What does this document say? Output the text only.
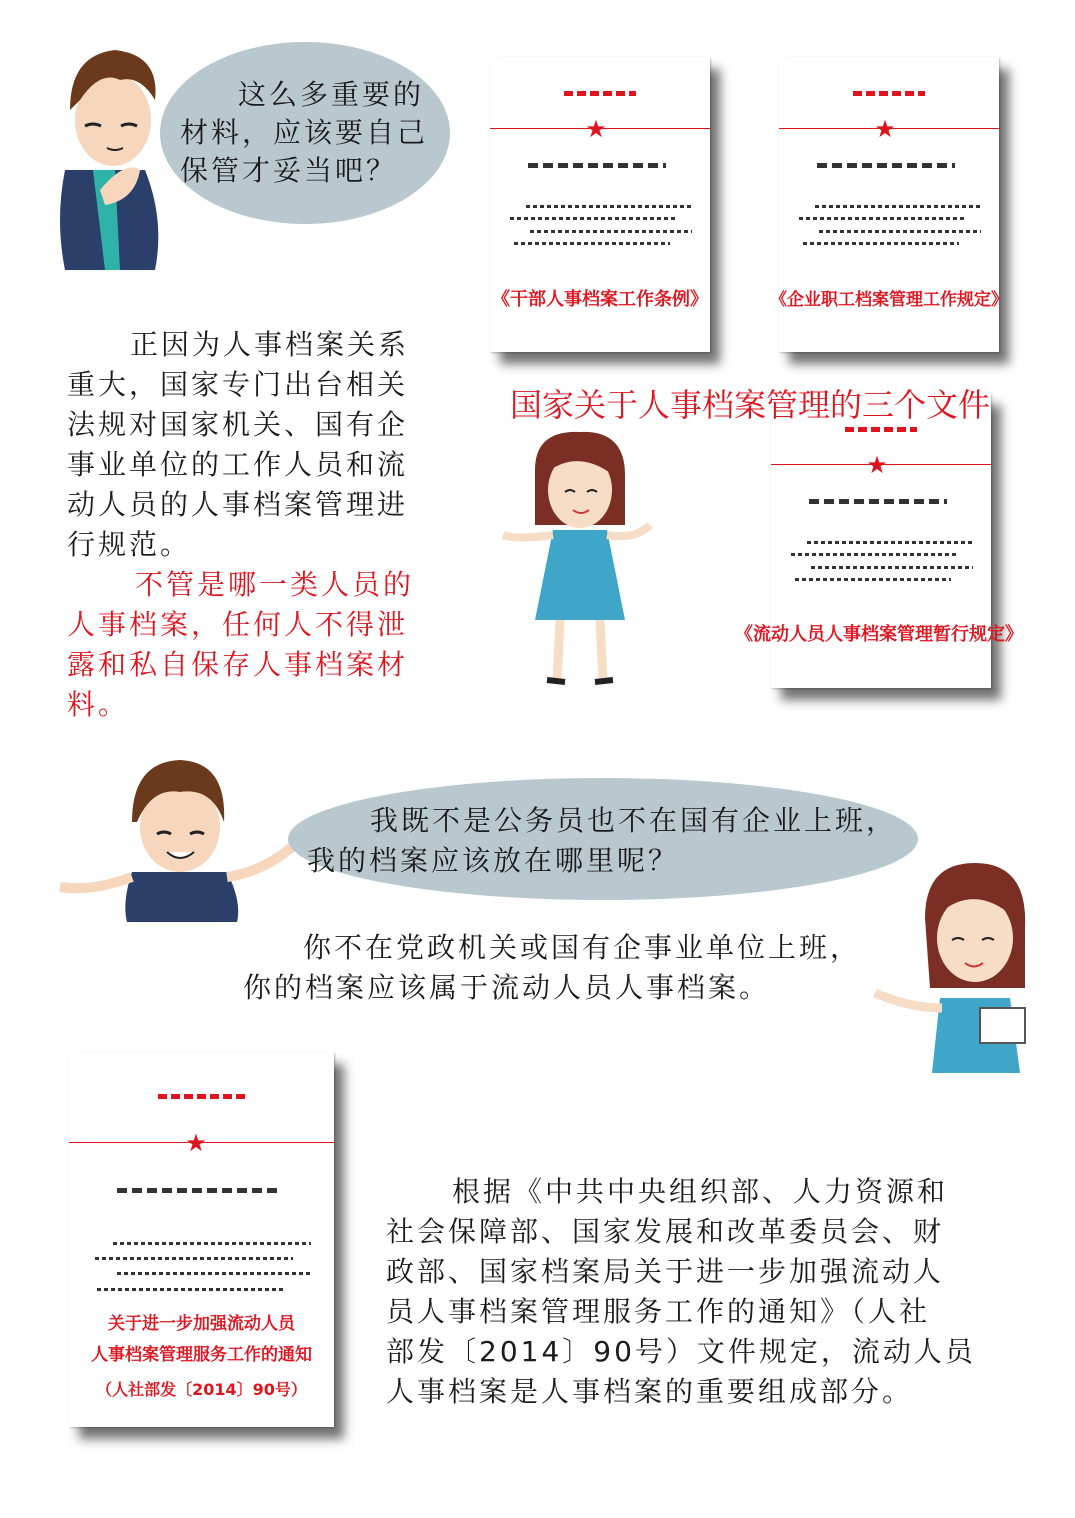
这么多重要的
材料，应该要自己
保管才妥当吧？
★
《干部人事档案工作条例》
★
《企业职工档案管理工作规定》
★
《流动人员人事档案管理暂行规定》
国家关于人事档案管理的三个文件
正因为人事档案关系
重大，国家专门出台相关
法规对国家机关、国有企
事业单位的工作人员和流
动人员的人事档案管理进
行规范。
不管是哪一类人员的
人事档案，任何人不得泄
露和私自保存人事档案材
料。
我既不是公务员也不在国有企业上班，
我的档案应该放在哪里呢？
你不在党政机关或国有企事业单位上班，
你的档案应该属于流动人员人事档案。
★
关于进一步加强流动人员
人事档案管理服务工作的通知
（人社部发〔2014〕90号）
根据《中共中央组织部、人力资源和
社会保障部、国家发展和改革委员会、财
政部、国家档案局关于进一步加强流动人
员人事档案管理服务工作的通知》（人社
部发〔2014〕90号）文件规定，流动人员
人事档案是人事档案的重要组成部分。
